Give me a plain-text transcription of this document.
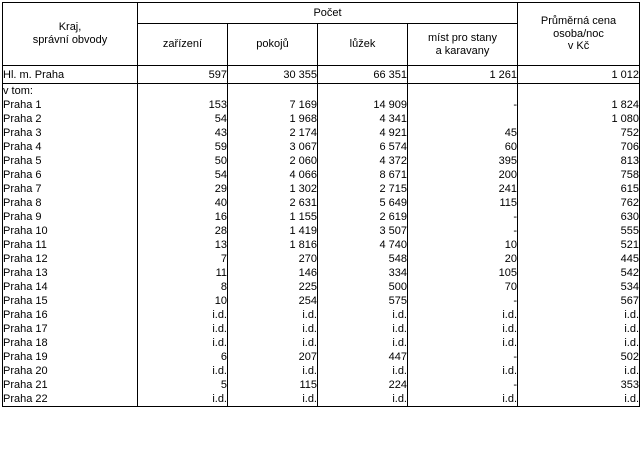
Kraj,
správní obvody
	Počet	
Průměrná cena
osoba/noc
v Kč

	zařízení	pokojů	lůžek	míst pro stany
a karavany	

Hl. m. Praha	597	30 355	66 351	1 261	1 012
v tom:					
Praha 1	153	7 169	14 909	-	1 824
Praha 2	54	1 968	4 341		1 080
Praha 3	43	2 174	4 921	45	752
Praha 4	59	3 067	6 574	60	706
Praha 5	50	2 060	4 372	395	813
Praha 6	54	4 066	8 671	200	758
Praha 7	29	1 302	2 715	241	615
Praha 8	40	2 631	5 649	115	762
Praha 9	16	1 155	2 619	-	630
Praha 10	28	1 419	3 507	-	555
Praha 11	13	1 816	4 740	10	521
Praha 12	7	270	548	20	445
Praha 13	11	146	334	105	542
Praha 14	8	225	500	70	534
Praha 15	10	254	575	-	567
Praha 16	i.d.	i.d.	i.d.	i.d.	i.d.
Praha 17	i.d.	i.d.	i.d.	i.d.	i.d.
Praha 18	i.d.	i.d.	i.d.	i.d.	i.d.
Praha 19	6	207	447	-	502
Praha 20	i.d.	i.d.	i.d.	i.d.	i.d.
Praha 21	5	115	224	-	353
Praha 22	i.d.	i.d.	i.d.	i.d.	i.d.
